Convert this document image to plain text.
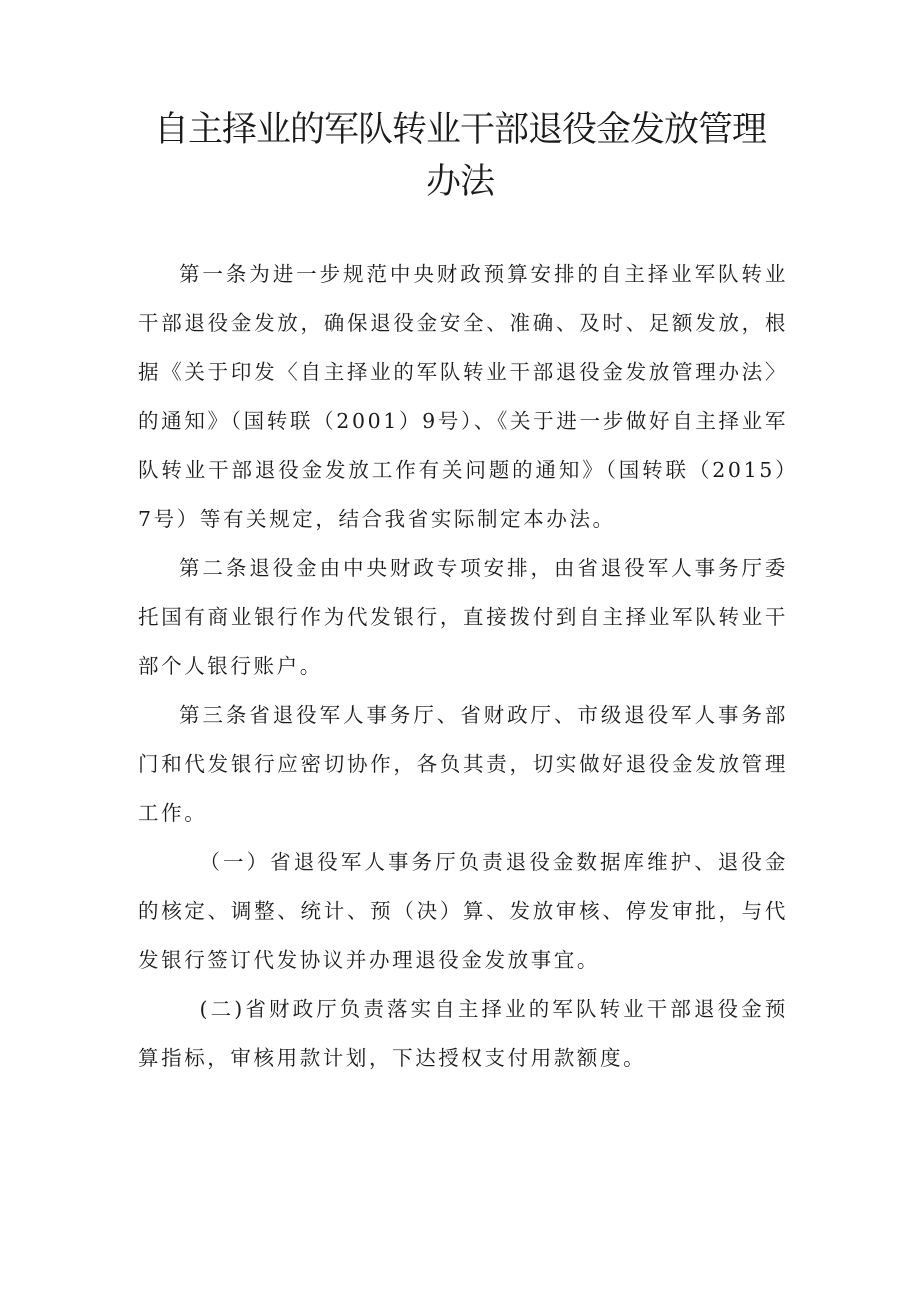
自主择业的军队转业干部退役金发放管理
办法

第一条为进一步规范中央财政预算安排的自主择业军队转业干部退役金发放，确保退役金安全、准确、及时、足额发放，根据《关于印发〈自主择业的军队转业干部退役金发放管理办法〉的通知》（国转联（2001）9号）、《关于进一步做好自主择业军队转业干部退役金发放工作有关问题的通知》（国转联（2015）7号）等有关规定，结合我省实际制定本办法。

第二条退役金由中央财政专项安排，由省退役军人事务厅委托国有商业银行作为代发银行，直接拨付到自主择业军队转业干部个人银行账户。

第三条省退役军人事务厅、省财政厅、市级退役军人事务部门和代发银行应密切协作，各负其责，切实做好退役金发放管理工作。

（一）省退役军人事务厅负责退役金数据库维护、退役金的核定、调整、统计、预（决）算、发放审核、停发审批，与代发银行签订代发协议并办理退役金发放事宜。

(二)省财政厅负责落实自主择业的军队转业干部退役金预算指标，审核用款计划，下达授权支付用款额度。
